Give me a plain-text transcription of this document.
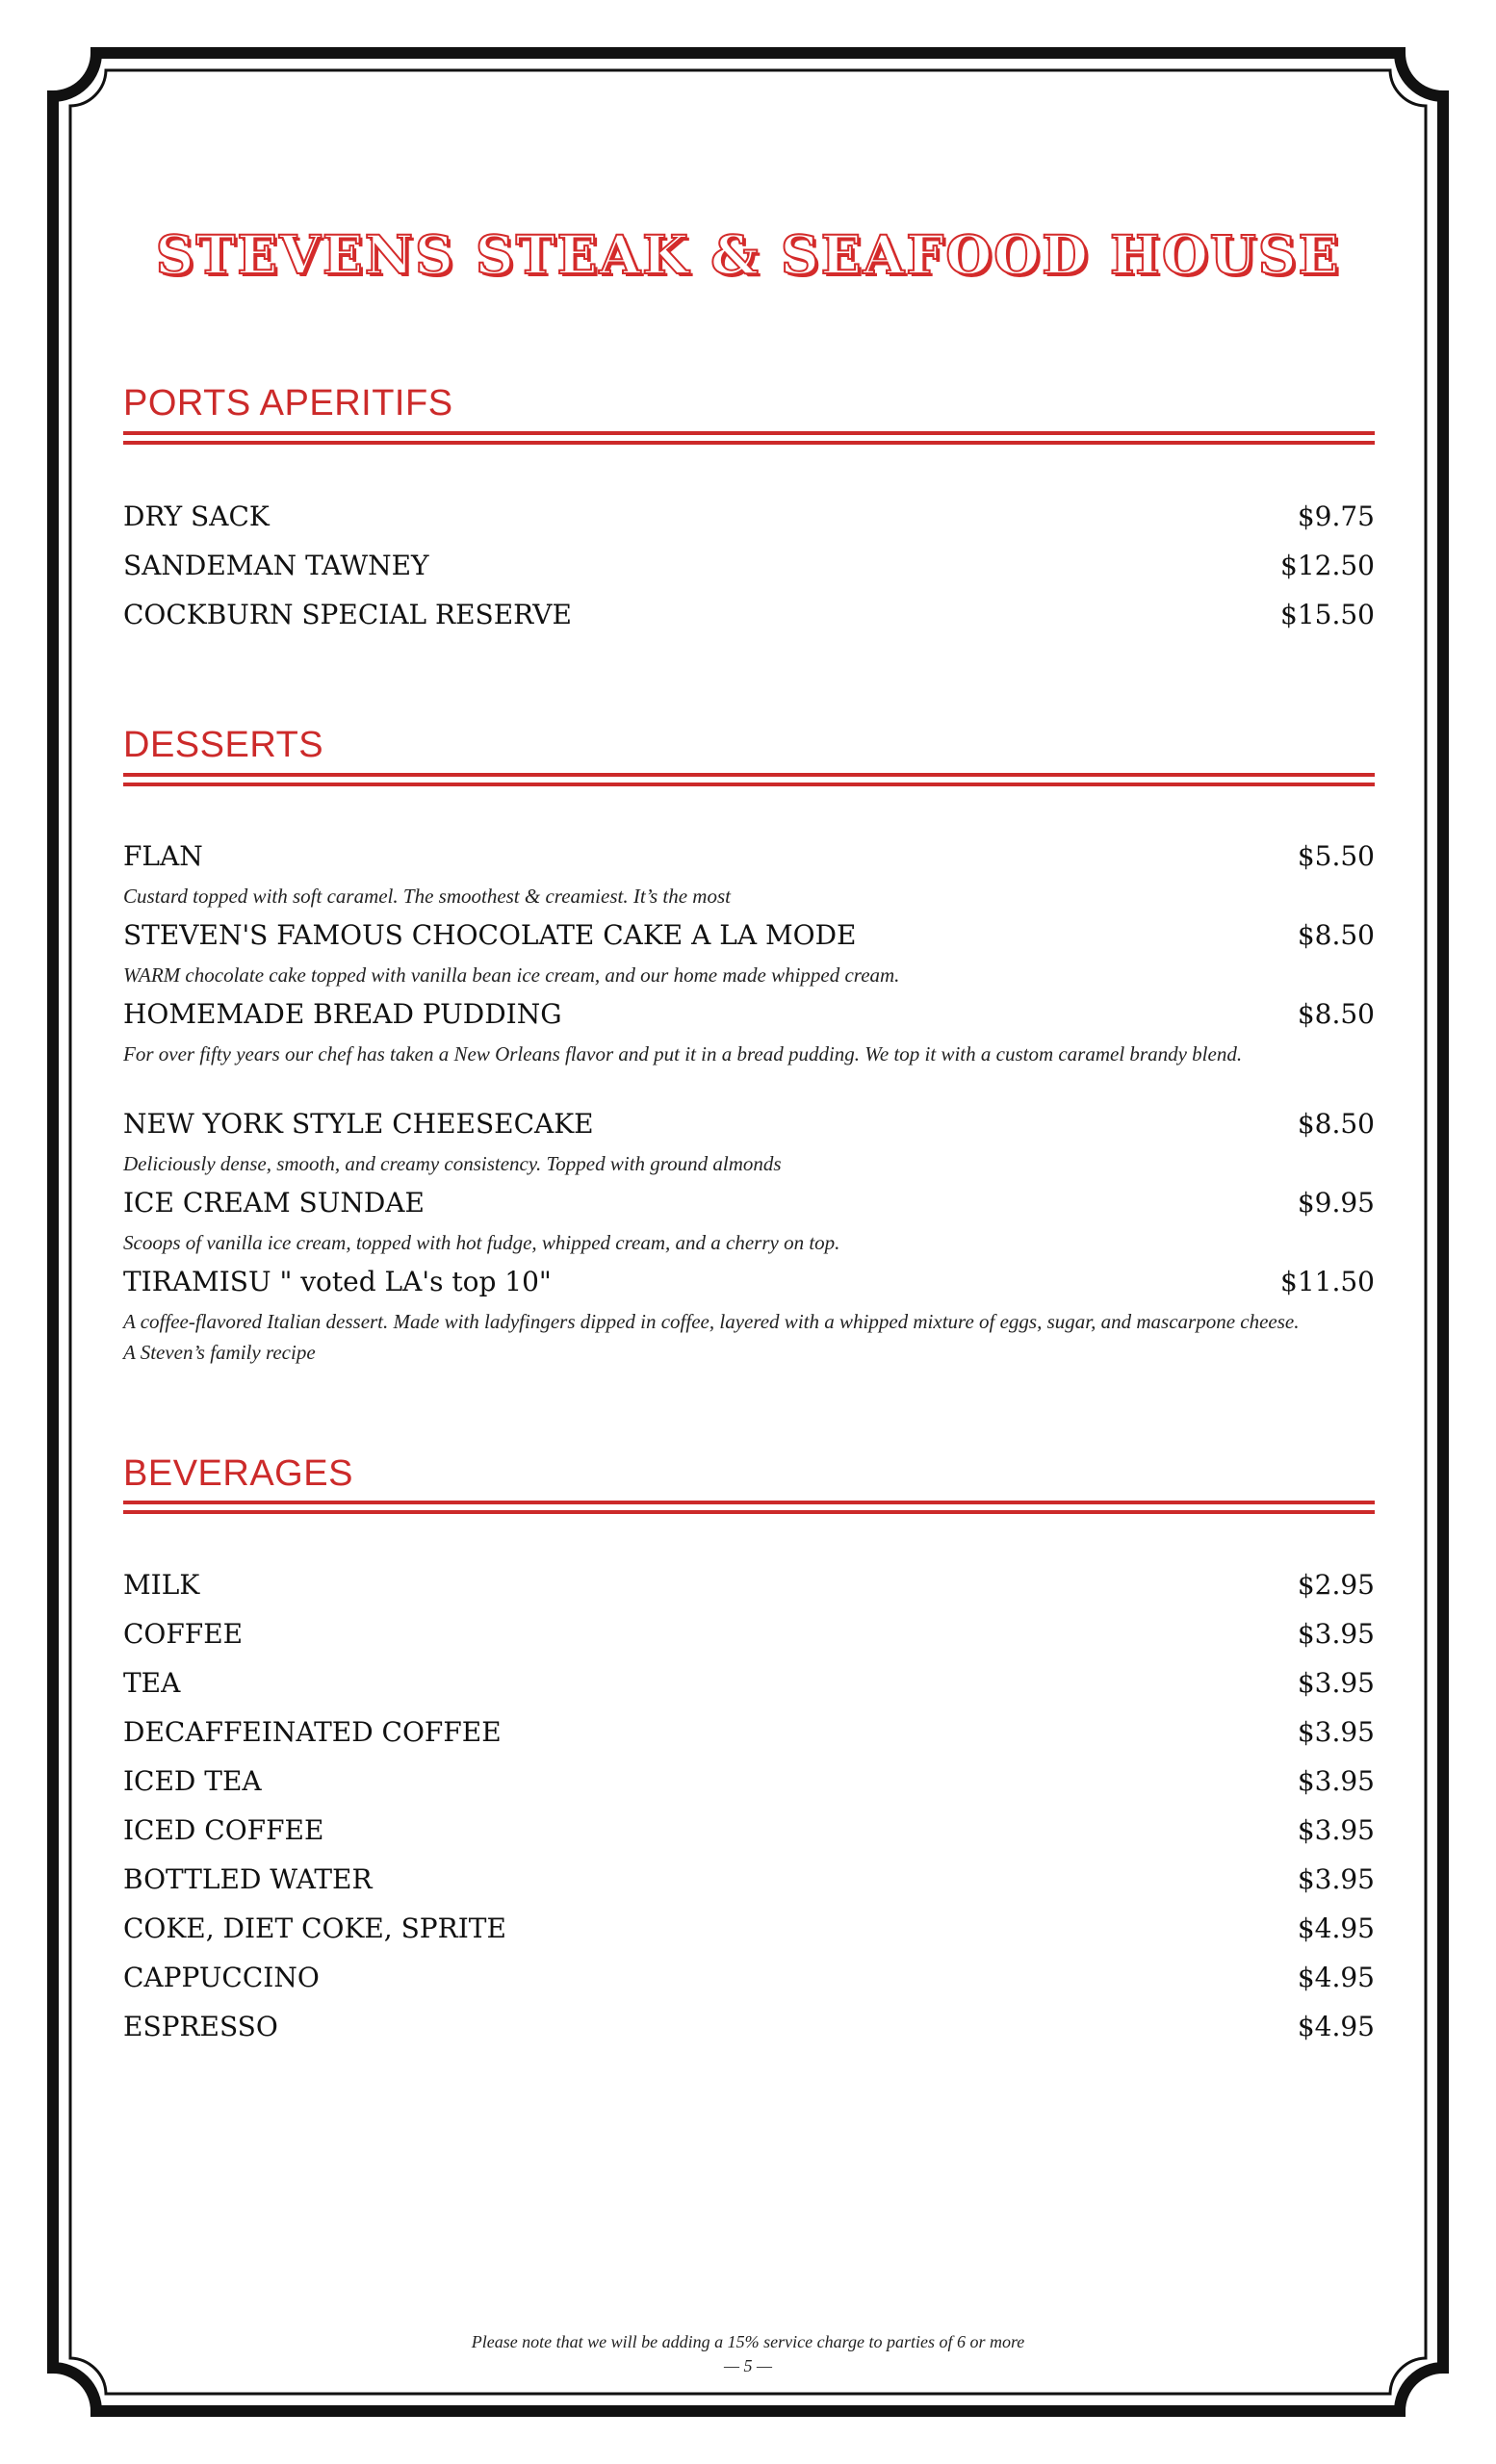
STEVENS STEAK & SEAFOOD HOUSE
PORTS APERITIFS
DRY SACK	$9.75
SANDEMAN TAWNEY	$12.50
COCKBURN SPECIAL RESERVE	$15.50
DESSERTS
FLAN	$5.50
Custard topped with soft caramel. The smoothest & creamiest. It’s the most
STEVEN'S FAMOUS CHOCOLATE CAKE A LA MODE	$8.50
WARM chocolate cake topped with vanilla bean ice cream, and our home made whipped cream.
HOMEMADE BREAD PUDDING	$8.50
For over fifty years our chef has taken a New Orleans flavor and put it in a bread pudding. We top it with a custom caramel brandy blend.
NEW YORK STYLE CHEESECAKE	$8.50
Deliciously dense, smooth, and creamy consistency. Topped with ground almonds
ICE CREAM SUNDAE	$9.95
Scoops of vanilla ice cream, topped with hot fudge, whipped cream, and a cherry on top.
TIRAMISU " voted LA's top 10"	$11.50
A coffee-flavored Italian dessert. Made with ladyfingers dipped in coffee, layered with a whipped mixture of eggs, sugar, and mascarpone cheese. A Steven’s family recipe
BEVERAGES
MILK	$2.95
COFFEE	$3.95
TEA	$3.95
DECAFFEINATED COFFEE	$3.95
ICED TEA	$3.95
ICED COFFEE	$3.95
BOTTLED WATER	$3.95
COKE, DIET COKE, SPRITE	$4.95
CAPPUCCINO	$4.95
ESPRESSO	$4.95
Please note that we will be adding a 15% service charge to parties of 6 or more
— 5 —
